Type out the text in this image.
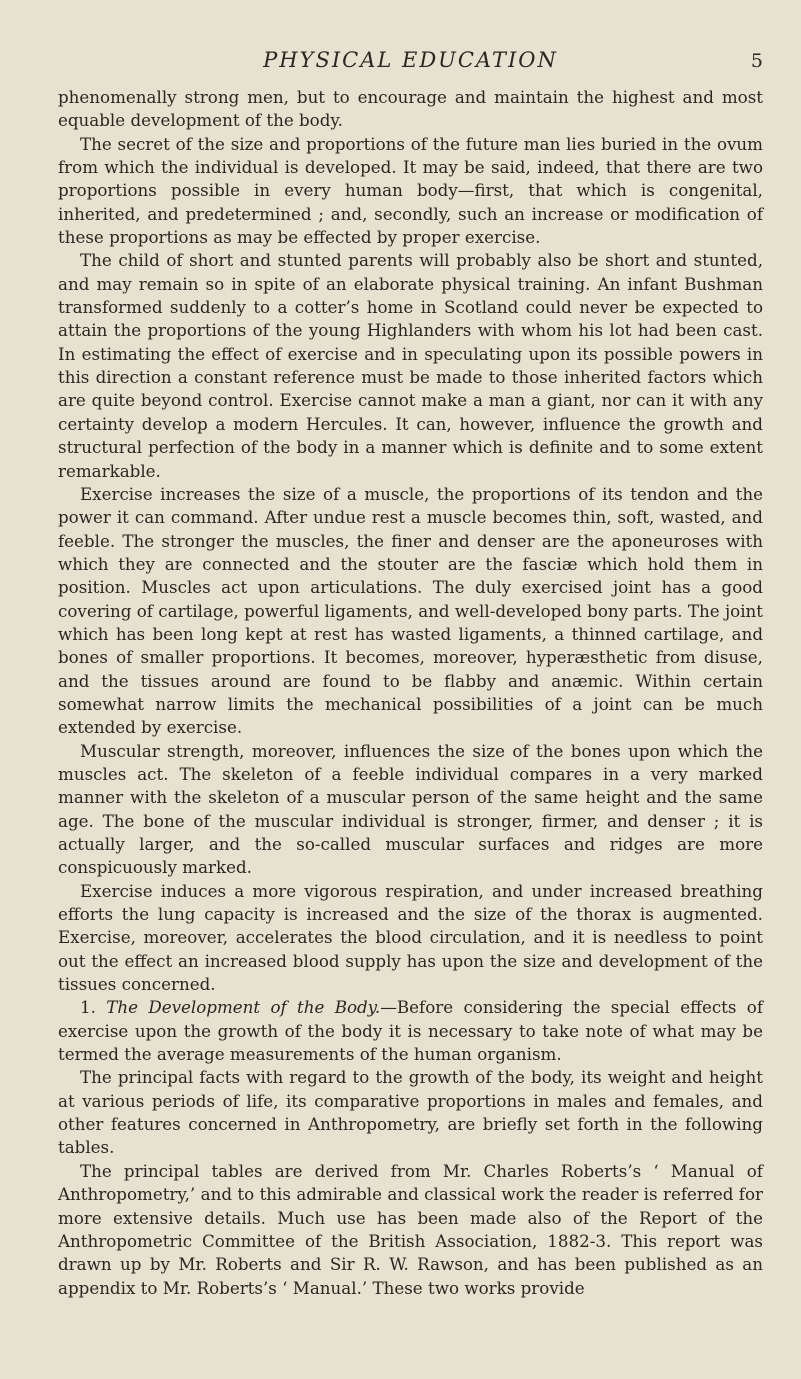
PHYSICAL EDUCATION	5

phenomenally strong men, but to encourage and maintain the highest and most equable development of the body.

The secret of the size and proportions of the future man lies buried in the ovum from which the individual is developed. It may be said, indeed, that there are two proportions possible in every human body—first, that which is congenital, inherited, and predetermined ; and, secondly, such an increase or modification of these proportions as may be effected by proper exercise.

The child of short and stunted parents will probably also be short and stunted, and may remain so in spite of an elaborate physical training. An infant Bushman transformed suddenly to a cotter’s home in Scotland could never be expected to attain the proportions of the young Highlanders with whom his lot had been cast. In estimating the effect of exercise and in speculating upon its possible powers in this direction a constant reference must be made to those inherited factors which are quite beyond control. Exercise cannot make a man a giant, nor can it with any certainty develop a modern Hercules. It can, however, influence the growth and structural perfection of the body in a manner which is definite and to some extent remarkable.

Exercise increases the size of a muscle, the proportions of its tendon and the power it can command. After undue rest a muscle becomes thin, soft, wasted, and feeble. The stronger the muscles, the finer and denser are the aponeuroses with which they are connected and the stouter are the fasciæ which hold them in position. Muscles act upon articulations. The duly exercised joint has a good covering of cartilage, powerful ligaments, and well-developed bony parts. The joint which has been long kept at rest has wasted ligaments, a thinned cartilage, and bones of smaller proportions. It becomes, moreover, hyperæsthetic from disuse, and the tissues around are found to be flabby and anæmic. Within certain somewhat narrow limits the mechanical possibilities of a joint can be much extended by exercise.

Muscular strength, moreover, influences the size of the bones upon which the muscles act. The skeleton of a feeble individual compares in a very marked manner with the skeleton of a muscular person of the same height and the same age. The bone of the muscular individual is stronger, firmer, and denser ; it is actually larger, and the so-called muscular surfaces and ridges are more conspicuously marked.

Exercise induces a more vigorous respiration, and under increased breathing efforts the lung capacity is increased and the size of the thorax is augmented. Exercise, moreover, accelerates the blood circulation, and it is needless to point out the effect an increased blood supply has upon the size and development of the tissues concerned.

1. The Development of the Body.—Before considering the special effects of exercise upon the growth of the body it is necessary to take note of what may be termed the average measurements of the human organism.

The principal facts with regard to the growth of the body, its weight and height at various periods of life, its comparative proportions in males and females, and other features concerned in Anthropometry, are briefly set forth in the following tables.

The principal tables are derived from Mr. Charles Roberts’s ‘ Manual of Anthropometry,’ and to this admirable and classical work the reader is referred for more extensive details. Much use has been made also of the Report of the Anthropometric Committee of the British Association, 1882-3. This report was drawn up by Mr. Roberts and Sir R. W. Rawson, and has been published as an appendix to Mr. Roberts’s ‘ Manual.’ These two works provide
